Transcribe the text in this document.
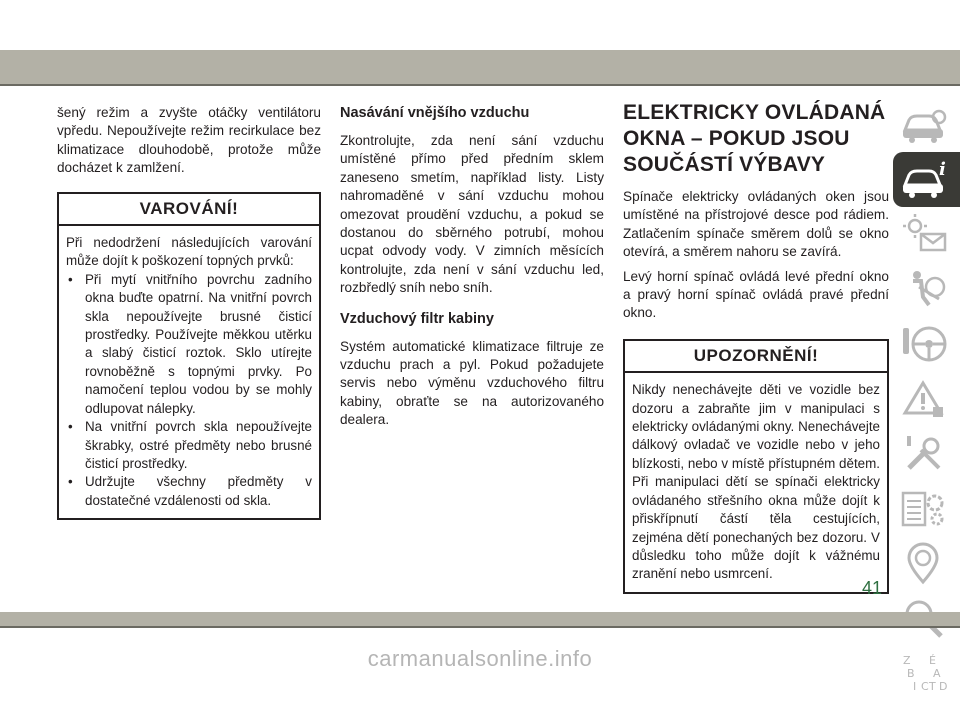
šený režim a zvyšte otáčky ventilátoru vpředu. Nepoužívejte režim recirkulace bez klimatizace dlouhodobě, protože může docházet k zamlžení.

VAROVÁNÍ!

Při nedodržení následujících varování může dojít k poškození topných prvků:

• Při mytí vnitřního povrchu zadního okna buďte opatrní. Na vnitřní povrch skla nepoužívejte brusné čisticí prostředky. Používejte měkkou utěrku a slabý čisticí roztok. Sklo utírejte rovnoběžně s topnými prvky. Po namočení teplou vodou by se mohly odlupovat nálepky.
• Na vnitřní povrch skla nepoužívejte škrabky, ostré předměty nebo brusné čisticí prostředky.
• Udržujte všechny předměty v dostatečné vzdálenosti od skla.
Nasávání vnějšího vzduchu

Zkontrolujte, zda není sání vzduchu umístěné přímo před předním sklem zaneseno smetím, například listy. Listy nahromaděné v sání vzduchu mohou omezovat proudění vzduchu, a pokud se dostanou do sběrného potrubí, mohou ucpat odvody vody. V zimních měsících kontrolujte, zda není v sání vzduchu led, rozbředlý sníh nebo sníh.

Vzduchový filtr kabiny

Systém automatické klimatizace filtruje ze vzduchu prach a pyl. Pokud požadujete servis nebo výměnu vzduchového filtru kabiny, obraťte se na autorizovaného dealera.

ELEKTRICKY OVLÁDANÁ OKNA – POKUD JSOU SOUČÁSTÍ VÝBAVY

Spínače elektricky ovládaných oken jsou umístěné na přístrojové desce pod rádiem. Zatlačením spínače směrem dolů se okno otevírá, a směrem nahoru se zavírá.

Levý horní spínač ovládá levé přední okno a pravý horní spínač ovládá pravé přední okno.

UPOZORNĚNÍ!

Nikdy nenechávejte děti ve vozidle bez dozoru a zabraňte jim v manipulaci s elektricky ovládanými okny. Nenechávejte dálkový ovladač ve vozidle nebo v jeho blízkosti, nebo v místě přístupném dětem. Při manipulaci dětí se spínači elektricky ovládaného střešního okna může dojít k přiskřípnutí částí těla cestujících, zejména dětí ponechaných bez dozoru. V důsledku toho může dojít k vážnému zranění nebo usmrcení.

i
Z É
B A
I C T D
41
carmanualsonline.info
